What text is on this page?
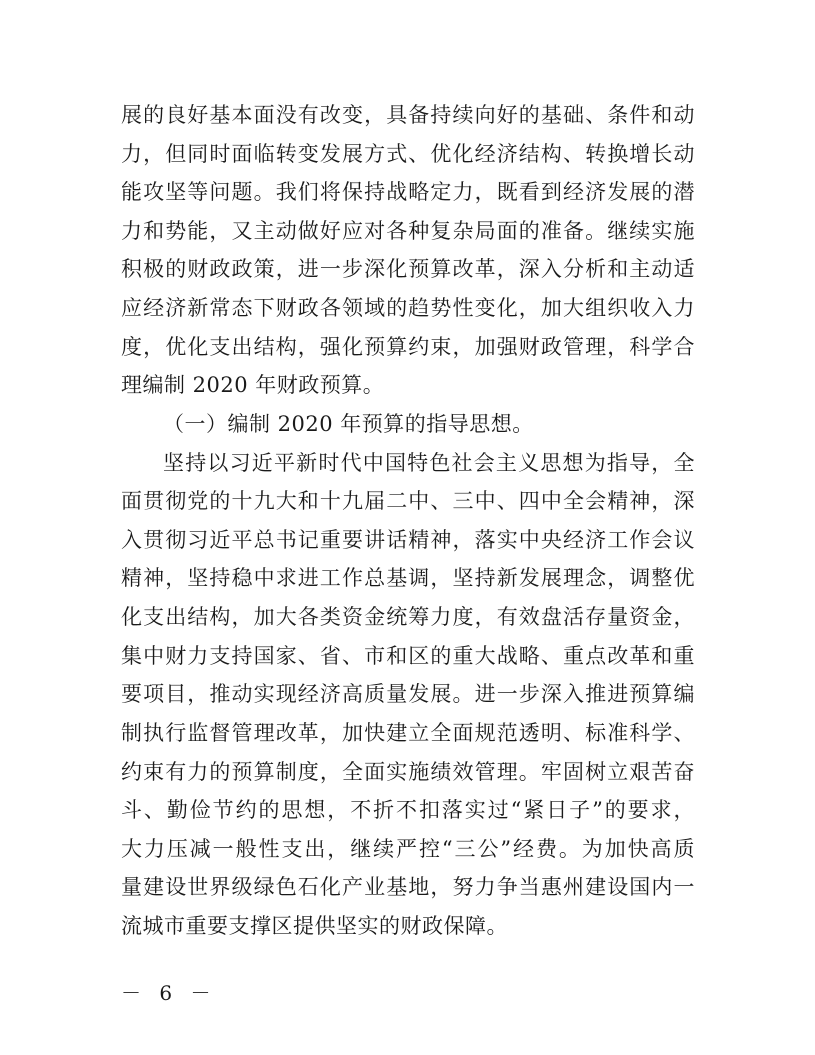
展的良好基本面没有改变，具备持续向好的基础、条件和动
力，但同时面临转变发展方式、优化经济结构、转换增长动
能攻坚等问题。我们将保持战略定力，既看到经济发展的潜
力和势能，又主动做好应对各种复杂局面的准备。继续实施
积极的财政政策，进一步深化预算改革，深入分析和主动适
应经济新常态下财政各领域的趋势性变化，加大组织收入力
度，优化支出结构，强化预算约束，加强财政管理，科学合
理编制 2020 年财政预算。
（一）编制 2020 年预算的指导思想。
坚持以习近平新时代中国特色社会主义思想为指导，全
面贯彻党的十九大和十九届二中、三中、四中全会精神，深
入贯彻习近平总书记重要讲话精神，落实中央经济工作会议
精神，坚持稳中求进工作总基调，坚持新发展理念，调整优
化支出结构，加大各类资金统筹力度，有效盘活存量资金，
集中财力支持国家、省、市和区的重大战略、重点改革和重
要项目，推动实现经济高质量发展。进一步深入推进预算编
制执行监督管理改革，加快建立全面规范透明、标准科学、
约束有力的预算制度，全面实施绩效管理。牢固树立艰苦奋
斗、勤俭节约的思想，不折不扣落实过“紧日子”的要求，
大力压减一般性支出，继续严控“三公”经费。为加快高质
量建设世界级绿色石化产业基地，努力争当惠州建设国内一
流城市重要支撑区提供坚实的财政保障。
－ 6 －
